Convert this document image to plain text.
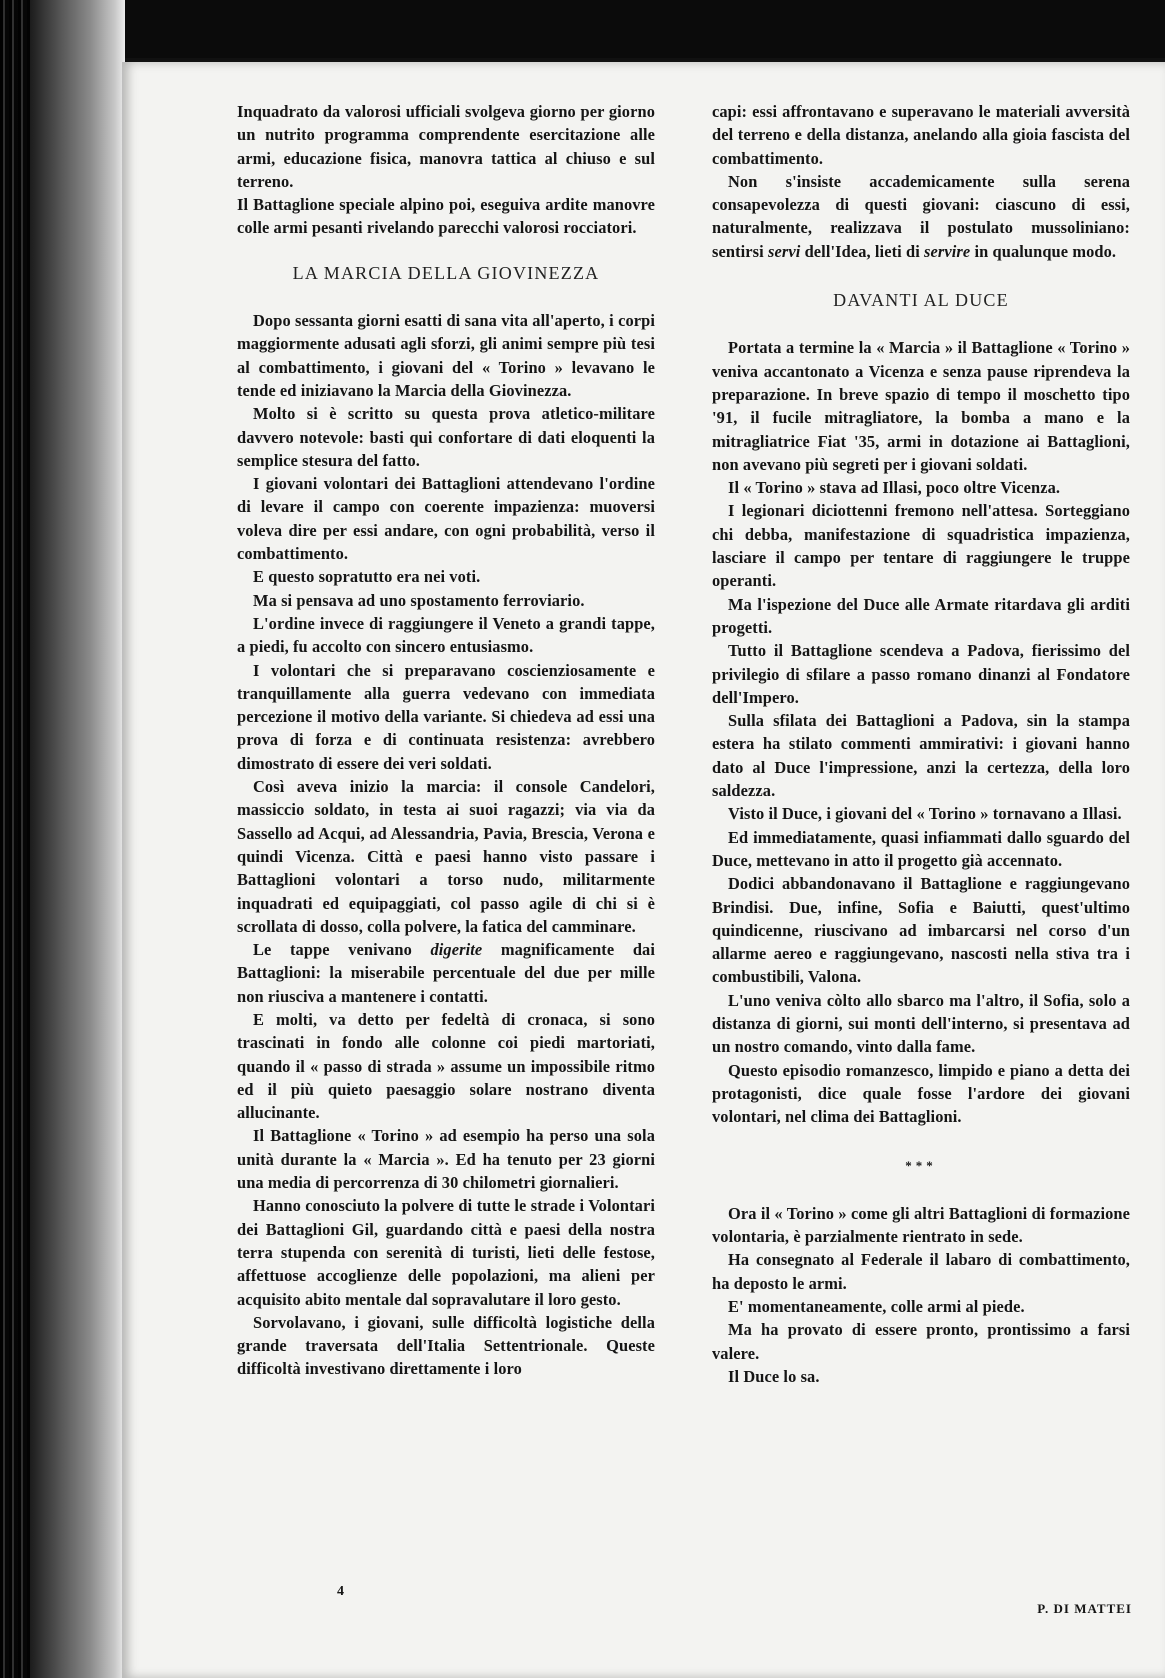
Inquadrato da valorosi ufficiali svolgeva giorno per giorno un nutrito programma comprendente esercitazione alle armi, educazione fisica, manovra tattica al chiuso e sul terreno.

Il Battaglione speciale alpino poi, eseguiva ardite manovre colle armi pesanti rivelando parecchi valorosi rocciatori.

LA MARCIA DELLA GIOVINEZZA

Dopo sessanta giorni esatti di sana vita all'aperto, i corpi maggiormente adusati agli sforzi, gli animi sempre più tesi al combattimento, i giovani del « Torino » levavano le tende ed iniziavano la Marcia della Giovinezza.

Molto si è scritto su questa prova atletico-militare davvero notevole: basti qui confortare di dati eloquenti la semplice stesura del fatto.

I giovani volontari dei Battaglioni attendevano l'ordine di levare il campo con coerente impazienza: muoversi voleva dire per essi andare, con ogni probabilità, verso il combattimento.

E questo sopratutto era nei voti.

Ma si pensava ad uno spostamento ferroviario.

L'ordine invece di raggiungere il Veneto a grandi tappe, a piedi, fu accolto con sincero entusiasmo.

I volontari che si preparavano coscienziosamente e tranquillamente alla guerra vedevano con immediata percezione il motivo della variante. Si chiedeva ad essi una prova di forza e di continuata resistenza: avrebbero dimostrato di essere dei veri soldati.

Così aveva inizio la marcia: il console Candelori, massiccio soldato, in testa ai suoi ragazzi; via via da Sassello ad Acqui, ad Alessandria, Pavia, Brescia, Verona e quindi Vicenza. Città e paesi hanno visto passare i Battaglioni volontari a torso nudo, militarmente inquadrati ed equipaggiati, col passo agile di chi si è scrollata di dosso, colla polvere, la fatica del camminare.

Le tappe venivano digerite magnificamente dai Battaglioni: la miserabile percentuale del due per mille non riusciva a mantenere i contatti.

E molti, va detto per fedeltà di cronaca, si sono trascinati in fondo alle colonne coi piedi martoriati, quando il « passo di strada » assume un impossibile ritmo ed il più quieto paesaggio solare nostrano diventa allucinante.

Il Battaglione « Torino » ad esempio ha perso una sola unità durante la « Marcia ». Ed ha tenuto per 23 giorni una media di percorrenza di 30 chilometri giornalieri.

Hanno conosciuto la polvere di tutte le strade i Volontari dei Battaglioni Gil, guardando città e paesi della nostra terra stupenda con serenità di turisti, lieti delle festose, affettuose accoglienze delle popolazioni, ma alieni per acquisito abito mentale dal sopravalutare il loro gesto.

Sorvolavano, i giovani, sulle difficoltà logistiche della grande traversata dell'Italia Settentrionale. Queste difficoltà investivano direttamente i loro

capi: essi affrontavano e superavano le materiali avversità del terreno e della distanza, anelando alla gioia fascista del combattimento.

Non s'insiste accademicamente sulla serena consapevolezza di questi giovani: ciascuno di essi, naturalmente, realizzava il postulato mussoliniano: sentirsi servi dell'Idea, lieti di servire in qualunque modo.

DAVANTI AL DUCE

Portata a termine la « Marcia » il Battaglione « Torino » veniva accantonato a Vicenza e senza pause riprendeva la preparazione. In breve spazio di tempo il moschetto tipo '91, il fucile mitragliatore, la bomba a mano e la mitragliatrice Fiat '35, armi in dotazione ai Battaglioni, non avevano più segreti per i giovani soldati.

Il « Torino » stava ad Illasi, poco oltre Vicenza.

I legionari diciottenni fremono nell'attesa. Sorteggiano chi debba, manifestazione di squadristica impazienza, lasciare il campo per tentare di raggiungere le truppe operanti.

Ma l'ispezione del Duce alle Armate ritardava gli arditi progetti.

Tutto il Battaglione scendeva a Padova, fierissimo del privilegio di sfilare a passo romano dinanzi al Fondatore dell'Impero.

Sulla sfilata dei Battaglioni a Padova, sin la stampa estera ha stilato commenti ammirativi: i giovani hanno dato al Duce l'impressione, anzi la certezza, della loro saldezza.

Visto il Duce, i giovani del « Torino » tornavano a Illasi.

Ed immediatamente, quasi infiammati dallo sguardo del Duce, mettevano in atto il progetto già accennato.

Dodici abbandonavano il Battaglione e raggiungevano Brindisi. Due, infine, Sofia e Baiutti, quest'ultimo quindicenne, riuscivano ad imbarcarsi nel corso d'un allarme aereo e raggiungevano, nascosti nella stiva tra i combustibili, Valona.

L'uno veniva còlto allo sbarco ma l'altro, il Sofia, solo a distanza di giorni, sui monti dell'interno, si presentava ad un nostro comando, vinto dalla fame.

Questo episodio romanzesco, limpido e piano a detta dei protagonisti, dice quale fosse l'ardore dei giovani volontari, nel clima dei Battaglioni.

***

Ora il « Torino » come gli altri Battaglioni di formazione volontaria, è parzialmente rientrato in sede.

Ha consegnato al Federale il labaro di combattimento, ha deposto le armi.

E' momentaneamente, colle armi al piede.

Ma ha provato di essere pronto, prontissimo a farsi valere.

Il Duce lo sa.

P. DI MATTEI
4
